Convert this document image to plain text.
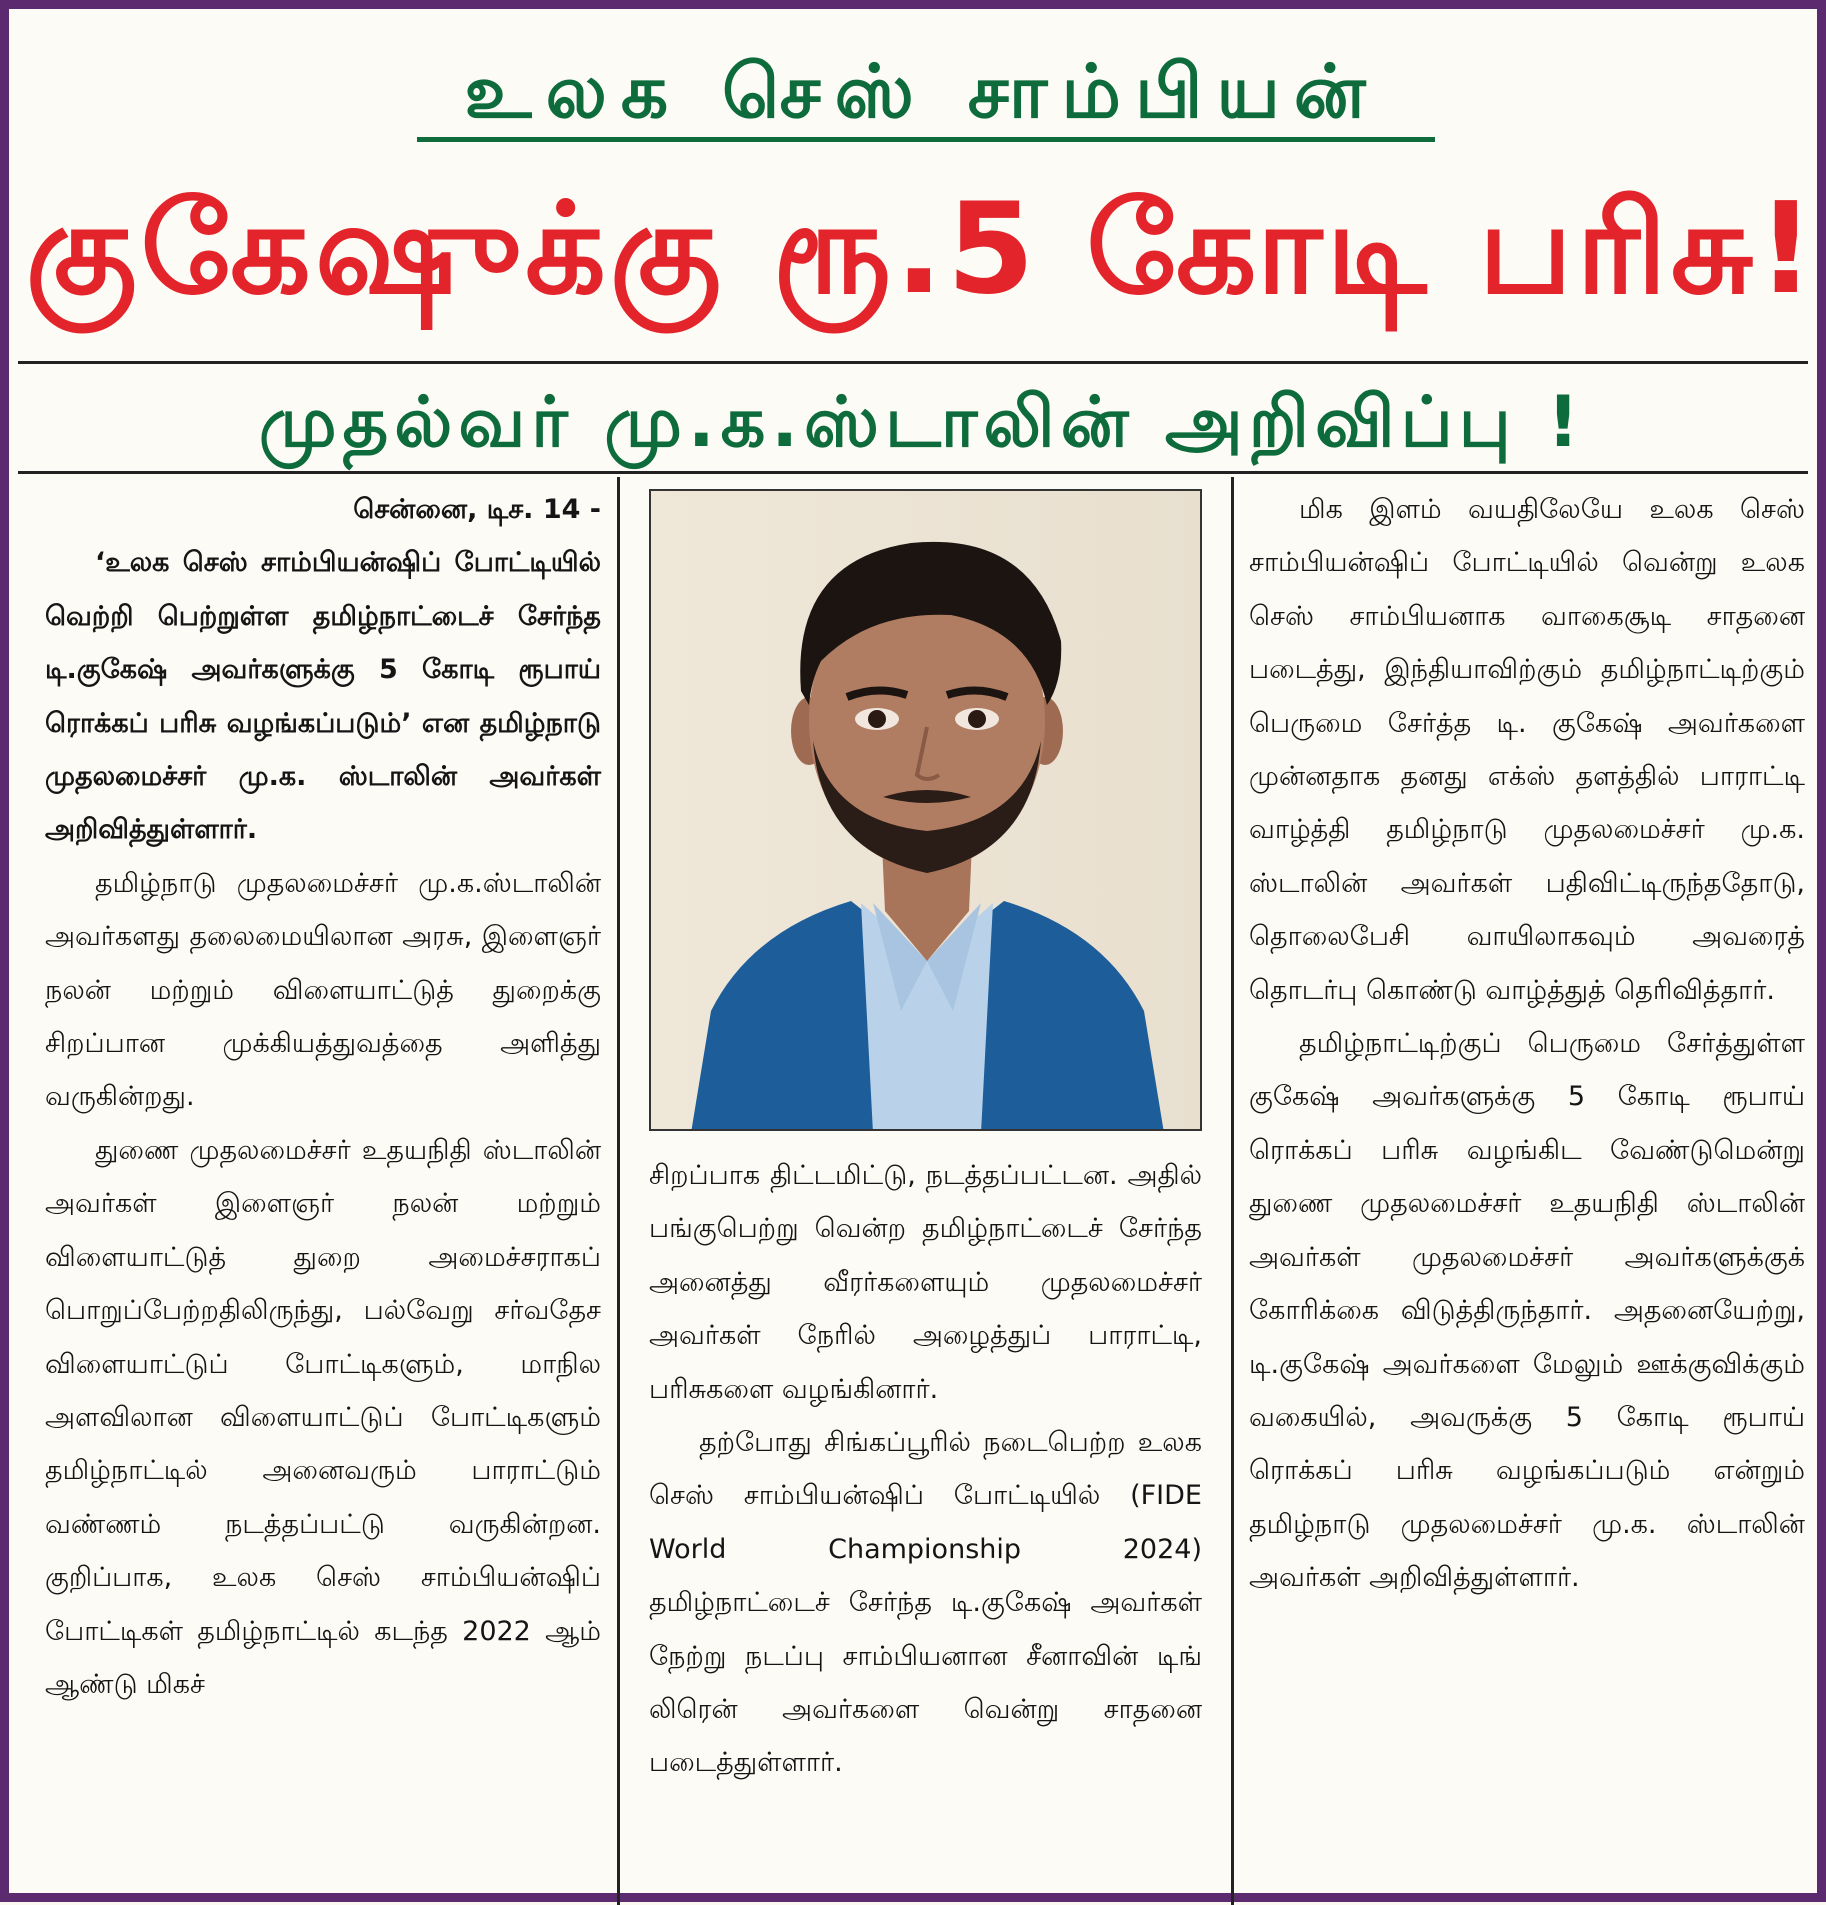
உலக செஸ் சாம்பியன்
குகேஷுக்கு ரூ.5 கோடி பரிசு!
முதல்வர் மு.க.ஸ்டாலின் அறிவிப்பு !
சென்னை, டிச. 14 -

‘உலக செஸ் சாம்பியன்ஷிப் போட்டியில் வெற்றி பெற்றுள்ள தமிழ்நாட்டைச் சேர்ந்த டி.குகேஷ் அவர்களுக்கு 5 கோடி ரூபாய் ரொக்கப் பரிசு வழங்கப்படும்’ என தமிழ்நாடு முதலமைச்சர் மு.க. ஸ்டாலின் அவர்கள் அறிவித்துள்ளார்.

தமிழ்நாடு முதலமைச்சர் மு.க.ஸ்டாலின் அவர்களது தலைமையிலான அரசு, இளைஞர் நலன் மற்றும் விளையாட்டுத் துறைக்கு சிறப்பான முக்கியத்துவத்தை அளித்து வருகின்றது.

துணை முதலமைச்சர் உதயநிதி ஸ்டாலின் அவர்கள் இளைஞர் நலன் மற்றும் விளையாட்டுத் துறை அமைச்சராகப் பொறுப்பேற்றதிலிருந்து, பல்வேறு சர்வதேச விளையாட்டுப் போட்டிகளும், மாநில அளவிலான விளையாட்டுப் போட்டிகளும் தமிழ்நாட்டில் அனைவரும் பாராட்டும் வண்ணம் நடத்தப்பட்டு வருகின்றன. குறிப்பாக, உலக செஸ் சாம்பியன்ஷிப் போட்டிகள் தமிழ்நாட்டில் கடந்த 2022 ஆம் ஆண்டு மிகச்

சிறப்பாக திட்டமிட்டு, நடத்தப்பட்டன. அதில் பங்குபெற்று வென்ற தமிழ்நாட்டைச் சேர்ந்த அனைத்து வீரர்களையும் முதலமைச்சர் அவர்கள் நேரில் அழைத்துப் பாராட்டி, பரிசுகளை வழங்கினார்.

தற்போது சிங்கப்பூரில் நடைபெற்ற உலக செஸ் சாம்பியன்ஷிப் போட்டியில் (FIDE World Championship 2024) தமிழ்நாட்டைச் சேர்ந்த டி.குகேஷ் அவர்கள் நேற்று நடப்பு சாம்பியனான சீனாவின் டிங் லிரென் அவர்களை வென்று சாதனை படைத்துள்ளார்.

மிக இளம் வயதிலேயே உலக செஸ் சாம்பியன்ஷிப் போட்டியில் வென்று உலக செஸ் சாம்பியனாக வாகைசூடி சாதனை படைத்து, இந்தியாவிற்கும் தமிழ்நாட்டிற்கும் பெருமை சேர்த்த டி. குகேஷ் அவர்களை முன்னதாக தனது எக்ஸ் தளத்தில் பாராட்டி வாழ்த்தி தமிழ்நாடு முதலமைச்சர் மு.க. ஸ்டாலின் அவர்கள் பதிவிட்டிருந்ததோடு, தொலைபேசி வாயிலாகவும் அவரைத் தொடர்பு கொண்டு வாழ்த்துத் தெரிவித்தார்.

தமிழ்நாட்டிற்குப் பெருமை சேர்த்துள்ள குகேஷ் அவர்களுக்கு 5 கோடி ரூபாய் ரொக்கப் பரிசு வழங்கிட வேண்டுமென்று துணை முதலமைச்சர் உதயநிதி ஸ்டாலின் அவர்கள் முதலமைச்சர் அவர்களுக்குக் கோரிக்கை விடுத்திருந்தார். அதனையேற்று, டி.குகேஷ் அவர்களை மேலும் ஊக்குவிக்கும் வகையில், அவருக்கு 5 கோடி ரூபாய் ரொக்கப் பரிசு வழங்கப்படும் என்றும் தமிழ்நாடு முதலமைச்சர் மு.க. ஸ்டாலின் அவர்கள் அறிவித்துள்ளார்.
